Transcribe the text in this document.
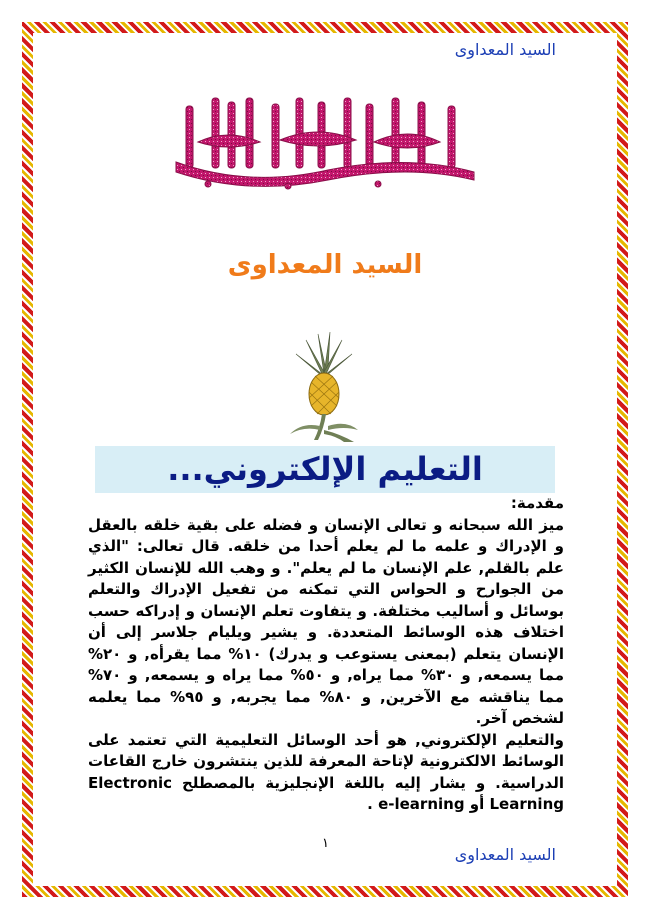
السيد المعداوى
السيد المعداوى
التعليم الإلكتروني...

مقدمة:

ميز الله سبحانه و تعالى الإنسان و فضله على بقية خلقه بالعقل و الإدراك و علمه ما لم يعلم أحدا من خلقه. قال تعالى: "الذي علم بالقلم, علم الإنسان ما لم يعلم". و وهب الله للإنسان الكثير من الجوارح و الحواس التي تمكنه من تفعيل الإدراك والتعلم بوسائل و أساليب مختلفة. و يتفاوت تعلم الإنسان و إدراكه حسب اختلاف هذه الوسائط المتعددة. و يشير ويليام جلاسر إلى أن الإنسان يتعلم (بمعنى يستوعب و يدرك) ١٠% مما يقرأه, و ٢٠% مما يسمعه, و ٣٠% مما يراه, و ٥٠% مما يراه و يسمعه, و ٧٠% مما يناقشه مع الآخرين, و ٨٠% مما يجربه, و ٩٥% مما يعلمه لشخص آخر.

والتعليم الإلكتروني, هو أحد الوسائل التعليمية التي تعتمد على الوسائط الالكترونية لإتاحة المعرفة للذين ينتشرون خارج القاعات الدراسية. و يشار إليه باللغة الإنجليزية بالمصطلح Electronic Learning أو e-learning .

١
السيد المعداوى
